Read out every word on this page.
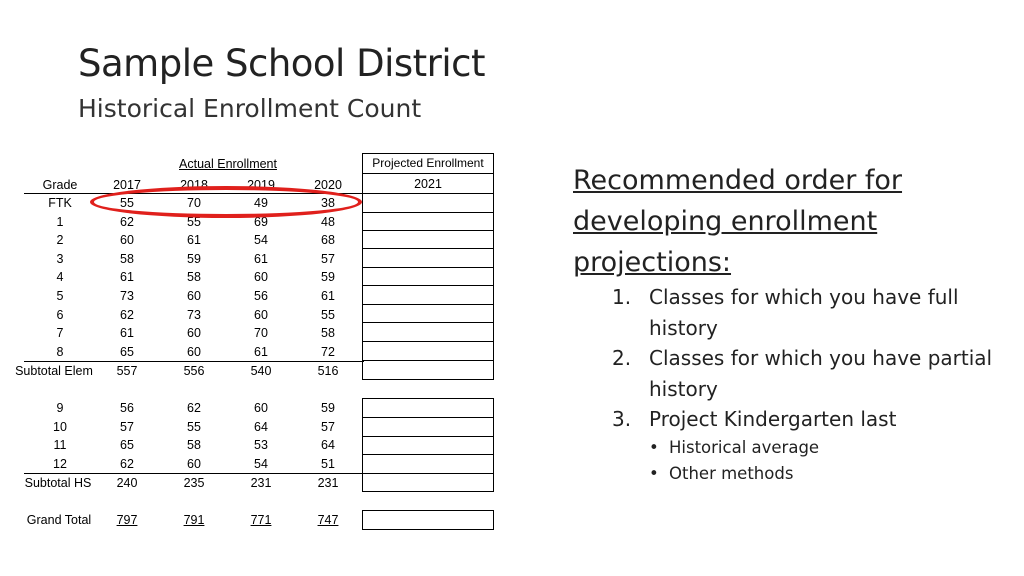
Sample School District
Historical Enrollment Count
Actual Enrollment
Grade	2017	2018	2019	2020
Projected Enrollment
2021
FTK	55	70	49	38
1	62	55	69	48
2	60	61	54	68
3	58	59	61	57
4	61	58	60	59
5	73	60	56	61
6	62	73	60	55
7	61	60	70	58
8	65	60	61	72
Subtotal Elem 557	556	540	516
9	56	62	60	59
10	57	55	64	57
11	65	58	53	64
12	62	60	54	51
Subtotal HS 240	235	231	231
Grand Total 797	791	771	747
Recommended order for developing enrollment projections:
1. Classes for which you have full history
2. Classes for which you have partial history
3. Project Kindergarten last
• Historical average
• Other methods
